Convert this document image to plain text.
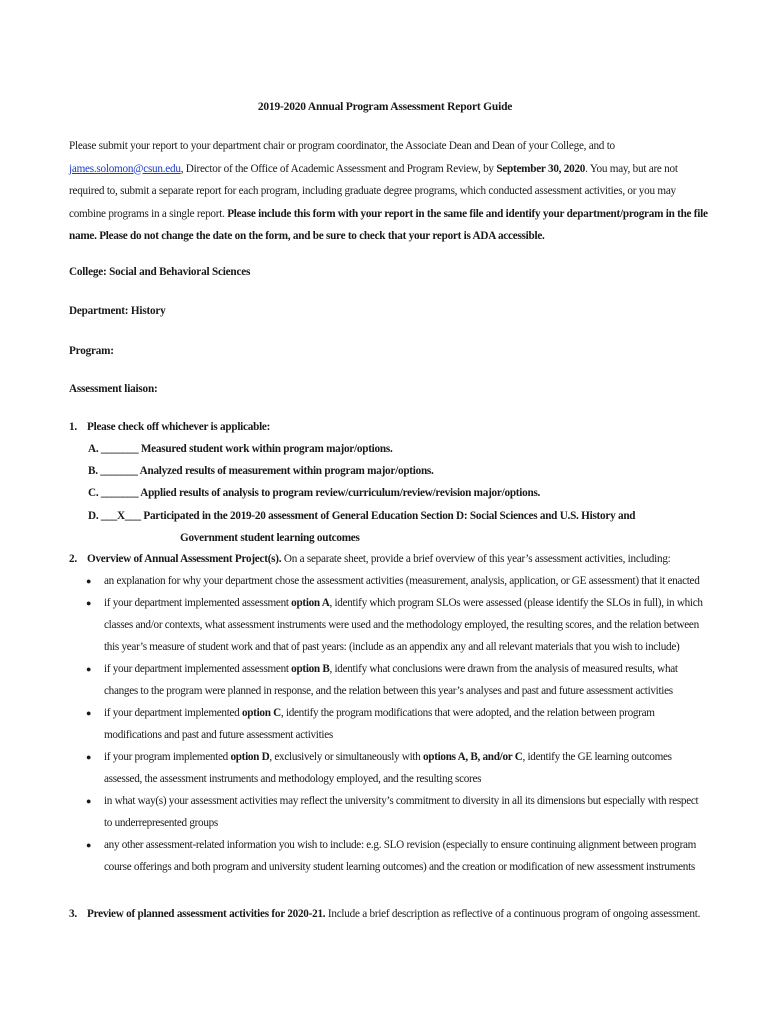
2019-2020 Annual Program Assessment Report Guide
Please submit your report to your department chair or program coordinator, the Associate Dean and Dean of your College, and to james.solomon@csun.edu, Director of the Office of Academic Assessment and Program Review, by September 30, 2020. You may, but are not required to, submit a separate report for each program, including graduate degree programs, which conducted assessment activities, or you may combine programs in a single report. Please include this form with your report in the same file and identify your department/program in the file name. Please do not change the date on the form, and be sure to check that your report is ADA accessible.
College: Social and Behavioral Sciences
Department: History
Program:
Assessment liaison:
1. Please check off whichever is applicable:
A. _______ Measured student work within program major/options.
B. _______ Analyzed results of measurement within program major/options.
C. _______ Applied results of analysis to program review/curriculum/review/revision major/options.
D. ___X___ Participated in the 2019-20 assessment of General Education Section D: Social Sciences and U.S. History and
Government student learning outcomes
2. Overview of Annual Assessment Project(s). On a separate sheet, provide a brief overview of this year’s assessment activities, including:
● an explanation for why your department chose the assessment activities (measurement, analysis, application, or GE assessment) that it enacted
● if your department implemented assessment option A, identify which program SLOs were assessed (please identify the SLOs in full), in which classes and/or contexts, what assessment instruments were used and the methodology employed, the resulting scores, and the relation between this year’s measure of student work and that of past years: (include as an appendix any and all relevant materials that you wish to include)
● if your department implemented assessment option B, identify what conclusions were drawn from the analysis of measured results, what changes to the program were planned in response, and the relation between this year’s analyses and past and future assessment activities
● if your department implemented option C, identify the program modifications that were adopted, and the relation between program modifications and past and future assessment activities
● if your program implemented option D, exclusively or simultaneously with options A, B, and/or C, identify the GE learning outcomes assessed, the assessment instruments and methodology employed, and the resulting scores
● in what way(s) your assessment activities may reflect the university’s commitment to diversity in all its dimensions but especially with respect to underrepresented groups
● any other assessment-related information you wish to include: e.g. SLO revision (especially to ensure continuing alignment between program course offerings and both program and university student learning outcomes) and the creation or modification of new assessment instruments
3. Preview of planned assessment activities for 2020-21. Include a brief description as reflective of a continuous program of ongoing assessment.
